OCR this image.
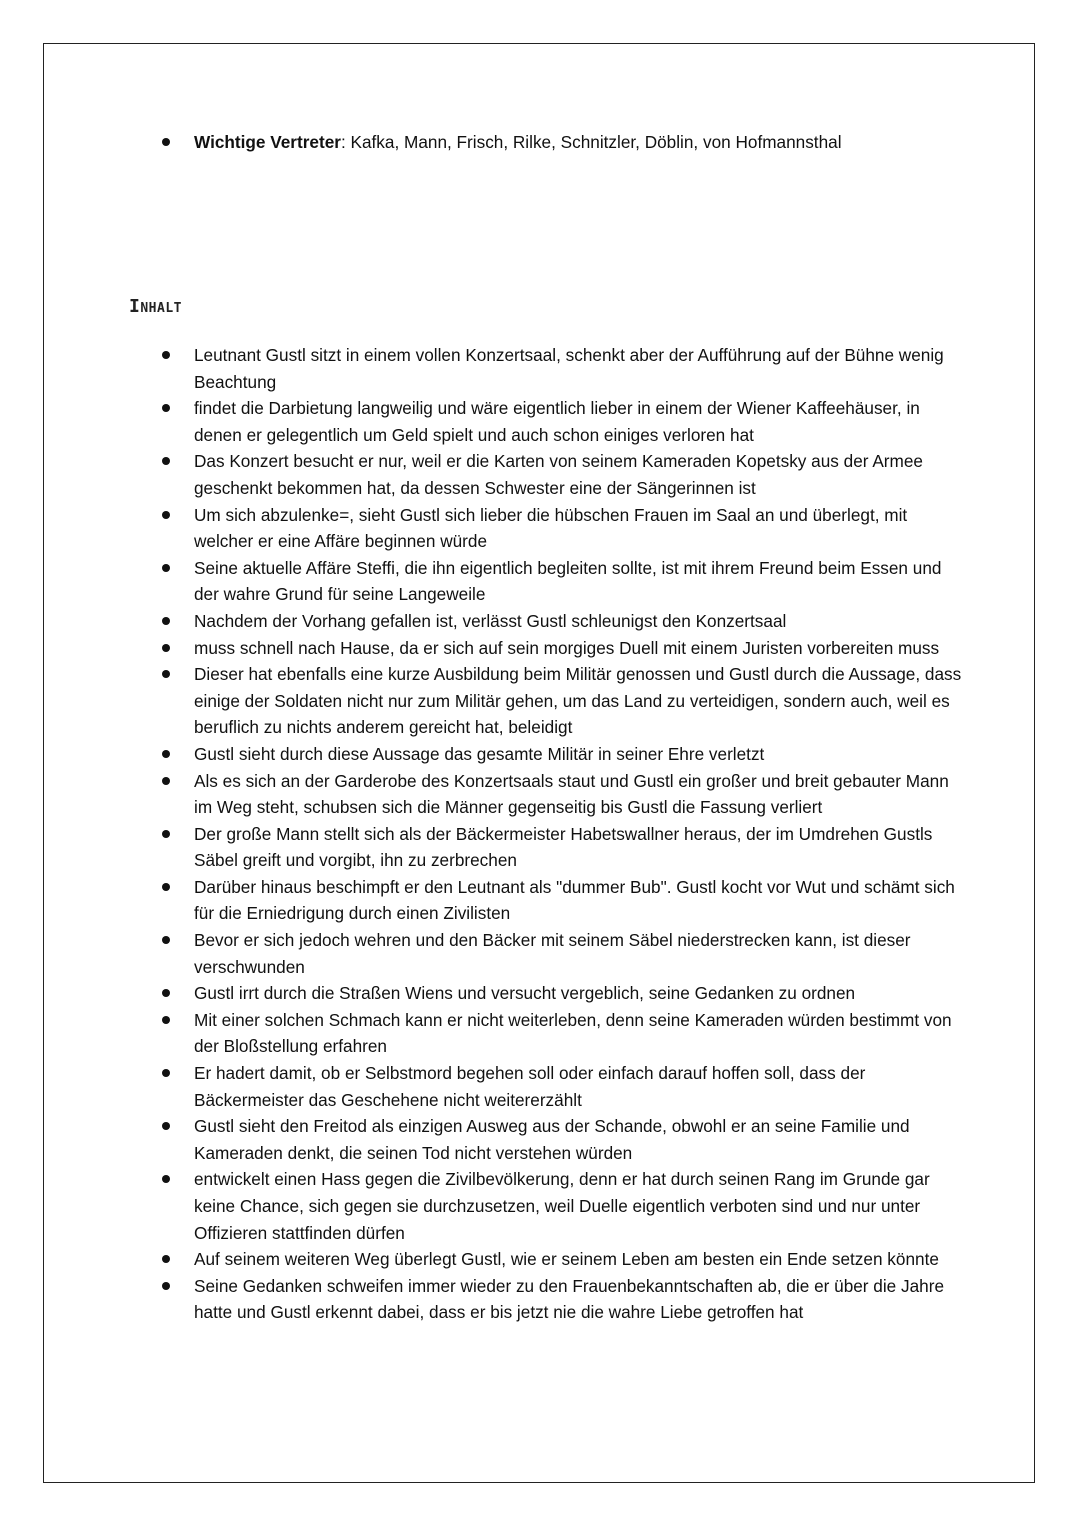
Wichtige Vertreter: Kafka, Mann, Frisch, Rilke, Schnitzler, Döblin, von Hofmannsthal
Inhalt
Leutnant Gustl sitzt in einem vollen Konzertsaal, schenkt aber der Aufführung auf der Bühne wenig Beachtung
findet die Darbietung langweilig und wäre eigentlich lieber in einem der Wiener Kaffeehäuser, in denen er gelegentlich um Geld spielt und auch schon einiges verloren hat
Das Konzert besucht er nur, weil er die Karten von seinem Kameraden Kopetsky aus der Armee geschenkt bekommen hat, da dessen Schwester eine der Sängerinnen ist
Um sich abzulenke=, sieht Gustl sich lieber die hübschen Frauen im Saal an und überlegt, mit welcher er eine Affäre beginnen würde
Seine aktuelle Affäre Steffi, die ihn eigentlich begleiten sollte, ist mit ihrem Freund beim Essen und der wahre Grund für seine Langeweile
Nachdem der Vorhang gefallen ist, verlässt Gustl schleunigst den Konzertsaal
muss schnell nach Hause, da er sich auf sein morgiges Duell mit einem Juristen vorbereiten muss
Dieser hat ebenfalls eine kurze Ausbildung beim Militär genossen und Gustl durch die Aussage, dass einige der Soldaten nicht nur zum Militär gehen, um das Land zu verteidigen, sondern auch, weil es beruflich zu nichts anderem gereicht hat, beleidigt
Gustl sieht durch diese Aussage das gesamte Militär in seiner Ehre verletzt
Als es sich an der Garderobe des Konzertsaals staut und Gustl ein großer und breit gebauter Mann im Weg steht, schubsen sich die Männer gegenseitig bis Gustl die Fassung verliert
Der große Mann stellt sich als der Bäckermeister Habetswallner heraus, der im Umdrehen Gustls Säbel greift und vorgibt, ihn zu zerbrechen
Darüber hinaus beschimpft er den Leutnant als "dummer Bub". Gustl kocht vor Wut und schämt sich für die Erniedrigung durch einen Zivilisten
Bevor er sich jedoch wehren und den Bäcker mit seinem Säbel niederstrecken kann, ist dieser verschwunden
Gustl irrt durch die Straßen Wiens und versucht vergeblich, seine Gedanken zu ordnen
Mit einer solchen Schmach kann er nicht weiterleben, denn seine Kameraden würden bestimmt von der Bloßstellung erfahren
Er hadert damit, ob er Selbstmord begehen soll oder einfach darauf hoffen soll, dass der Bäckermeister das Geschehene nicht weitererzählt
Gustl sieht den Freitod als einzigen Ausweg aus der Schande, obwohl er an seine Familie und Kameraden denkt, die seinen Tod nicht verstehen würden
entwickelt einen Hass gegen die Zivilbevölkerung, denn er hat durch seinen Rang im Grunde gar keine Chance, sich gegen sie durchzusetzen, weil Duelle eigentlich verboten sind und nur unter Offizieren stattfinden dürfen
Auf seinem weiteren Weg überlegt Gustl, wie er seinem Leben am besten ein Ende setzen könnte
Seine Gedanken schweifen immer wieder zu den Frauenbekanntschaften ab, die er über die Jahre hatte und Gustl erkennt dabei, dass er bis jetzt nie die wahre Liebe getroffen hat
